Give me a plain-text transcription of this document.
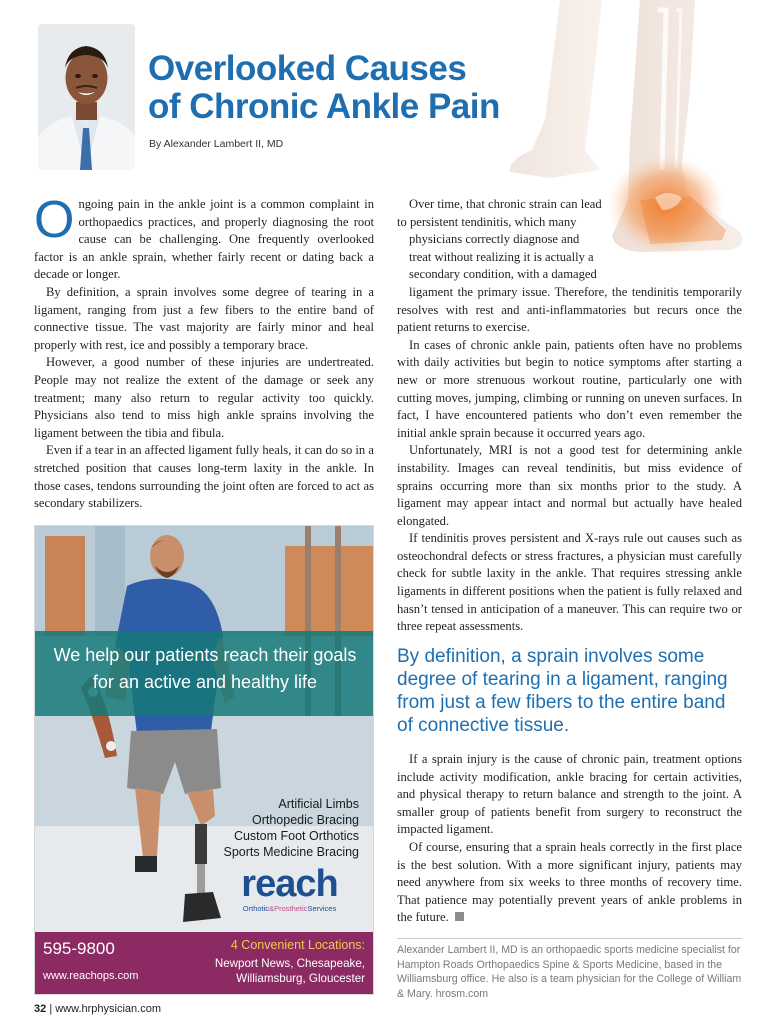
Overlooked Causes
of Chronic Ankle Pain
By Alexander Lambert II, MD

Ongoing pain in the ankle joint is a common complaint in orthopaedics practices, and properly diagnosing the root cause can be challenging. One frequently overlooked factor is an ankle sprain, whether fairly recent or dating back a decade or longer.

By definition, a sprain involves some degree of tearing in a ligament, ranging from just a few fibers to the entire band of connective tissue. The vast majority are fairly minor and heal properly with rest, ice and possibly a temporary brace.

However, a good number of these injuries are undertreated. People may not realize the extent of the damage or seek any treatment; many also return to regular activity too quickly. Physicians also tend to miss high ankle sprains involving the ligament between the tibia and fibula.

Even if a tear in an affected ligament fully heals, it can do so in a stretched position that causes long-term laxity in the ankle. In those cases, tendons surrounding the joint often are forced to act as secondary stabilizers.

Over time, that chronic strain can lead
to persistent tendinitis, which many
physicians correctly diagnose and
treat without realizing it is actually a
secondary condition, with a damaged
ligament the primary issue. Therefore, the tendinitis temporarily resolves with rest and anti-inflammatories but recurs once the patient returns to exercise.

In cases of chronic ankle pain, patients often have no problems with daily activities but begin to notice symptoms after starting a new or more strenuous workout routine, particularly one with cutting moves, jumping, climbing or running on uneven surfaces. In fact, I have encountered patients who don’t even remember the initial ankle sprain because it occurred years ago.

Unfortunately, MRI is not a good test for determining ankle instability. Images can reveal tendinitis, but miss evidence of sprains occurring more than six months prior to the study. A ligament may appear intact and normal but actually have healed elongated.

If tendinitis proves persistent and X-rays rule out causes such as osteochondral defects or stress fractures, a physician must carefully check for subtle laxity in the ankle. That requires stressing ankle ligaments in different positions when the patient is fully relaxed and hasn’t tensed in anticipation of a maneuver. This can require two or three repeat assessments.

By definition, a sprain involves some degree of tearing in a ligament, ranging from just a few fibers to the entire band of connective tissue.

If a sprain injury is the cause of chronic pain, treatment options include activity modification, ankle bracing for certain activities, and physical therapy to return balance and strength to the joint. A smaller group of patients benefit from surgery to reconstruct the impacted ligament.

Of course, ensuring that a sprain heals correctly in the first place is the best solution. With a more significant injury, patients may need anywhere from six weeks to three months of recovery time. That patience may potentially prevent years of ankle problems in the future.

Alexander Lambert II, MD is an orthopaedic sports medicine specialist for Hampton Roads Orthopaedics Spine & Sports Medicine, based in the Williamsburg office. He also is a team physician for the College of William & Mary. hrosm.com
We help our patients reach their goals for an active and healthy life
Artificial Limbs
Orthopedic Bracing
Custom Foot Orthotics
Sports Medicine Bracing
reach
Orthotic&ProstheticServices
595-9800
www.reachops.com
4 Convenient Locations:
Newport News, Chesapeake,
Williamsburg, Gloucester
32 | www.hrphysician.com
